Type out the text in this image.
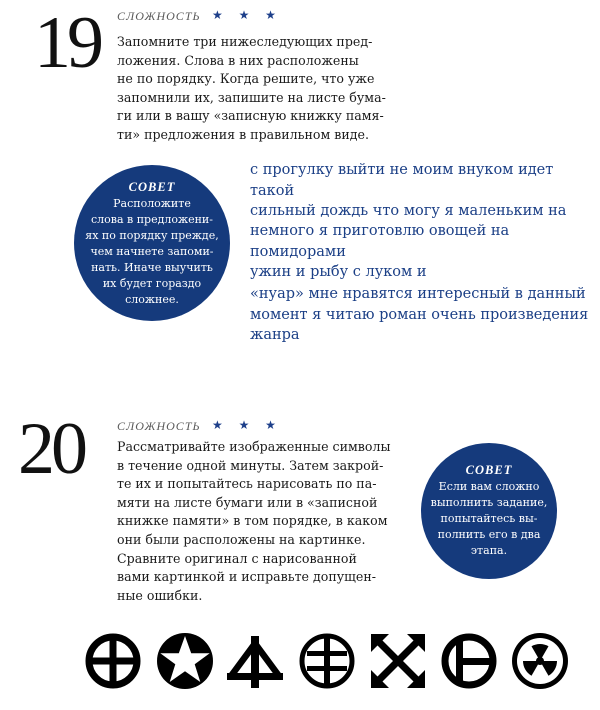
19 СЛОЖНОСТЬ ★ ★ ★
Запомните три нижеследующих пред-
ложения. Слова в них расположены
не по порядку. Когда решите, что уже
запомнили их, запишите на листе бума-
ги или в вашу «записную книжку памя-
ти» предложения в правильном виде.
СОВЕТ
Расположите
слова в предложени-
ях по порядку прежде,
чем начнете запоми-
нать. Иначе выучить
их будет гораздо
сложнее.
с прогулку выйти не моим внуком идет такой
сильный дождь что могу я маленьким на
немного я приготовлю овощей на помидорами
ужин и рыбу с луком и
«нуар» мне нравятся интересный в данный
момент я читаю роман очень произведения
жанра
20	СЛОЖНОСТЬ ★ ★ ★
Рассматривайте изображенные символы
в течение одной минуты. Затем закрой-
те их и попытайтесь нарисовать по па-
мяти на листе бумаги или в «записной
книжке памяти» в том порядке, в каком
они были расположены на картинке.
Сравните оригинал с нарисованной
вами картинкой и исправьте допущен-
ные ошибки.
СОВЕТ
Если вам сложно
выполнить задание,
попытайтесь вы-
полнить его в два
этапа.
